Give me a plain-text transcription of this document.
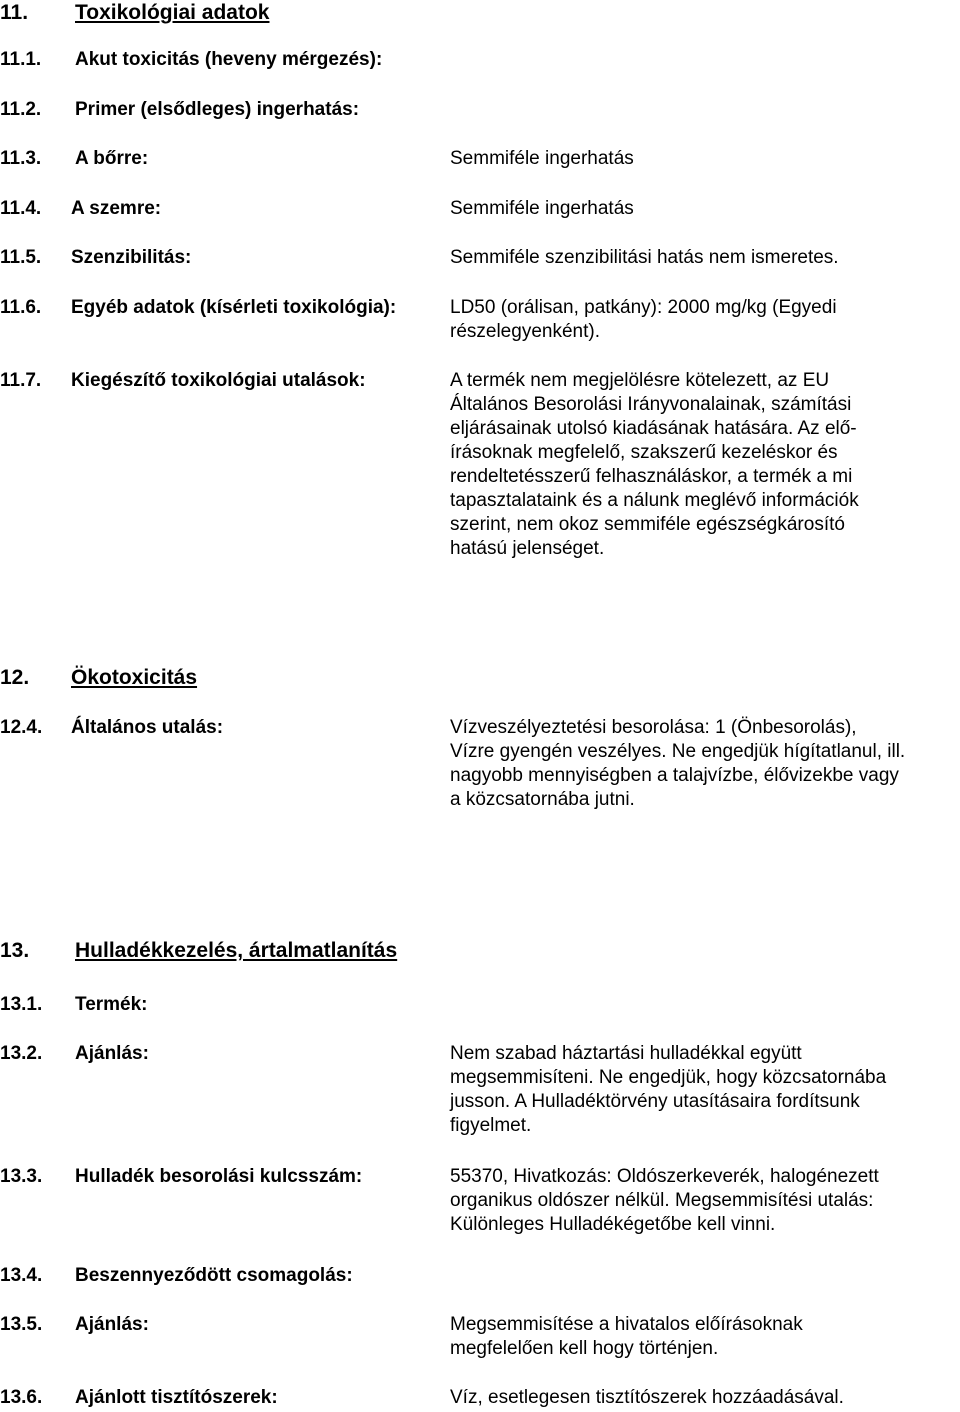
11. Toxikológiai adatok
11.1. Akut toxicitás (heveny mérgezés):
11.2. Primer (elsődleges) ingerhatás:
11.3. A bőrre:	Semmiféle ingerhatás
11.4. A szemre:	Semmiféle ingerhatás
11.5. Szenzibilitás:	Semmiféle szenzibilitási hatás nem ismeretes.
11.6. Egyéb adatok (kísérleti toxikológia):	LD50 (orálisan, patkány): 2000 mg/kg (Egyedi
részelegyenként).
11.7. Kiegészítő toxikológiai utalások:	A termék nem megjelölésre kötelezett, az EU
Általános Besorolási Irányvonalainak, számítási
eljárásainak utolsó kiadásának hatására. Az elő-
írásoknak megfelelő, szakszerű kezeléskor és
rendeltetésszerű felhasználáskor, a termék a mi
tapasztalataink és a nálunk meglévő információk
szerint, nem okoz semmiféle egészségkárosító
hatású jelenséget.
12. Ökotoxicitás
12.4. Általános utalás:	Vízveszélyeztetési besorolása: 1 (Önbesorolás),
Vízre gyengén veszélyes. Ne engedjük hígítatlanul, ill.
nagyobb mennyiségben a talajvízbe, élővizekbe vagy
a közcsatornába jutni.
13. Hulladékkezelés, ártalmatlanítás
13.1. Termék:
13.2. Ajánlás:	Nem szabad háztartási hulladékkal együtt
megsemmisíteni. Ne engedjük, hogy közcsatornába
jusson. A Hulladéktörvény utasításaira fordítsunk
figyelmet.
13.3. Hulladék besorolási kulcsszám:	55370, Hivatkozás: Oldószerkeverék, halogénezett
organikus oldószer nélkül. Megsemmisítési utalás:
Különleges Hulladékégetőbe kell vinni.
13.4. Beszennyeződött csomagolás:
13.5. Ajánlás:	Megsemmisítése a hivatalos előírásoknak
megfelelően kell hogy történjen.
13.6. Ajánlott tisztítószerek:	Víz, esetlegesen tisztítószerek hozzáadásával.
